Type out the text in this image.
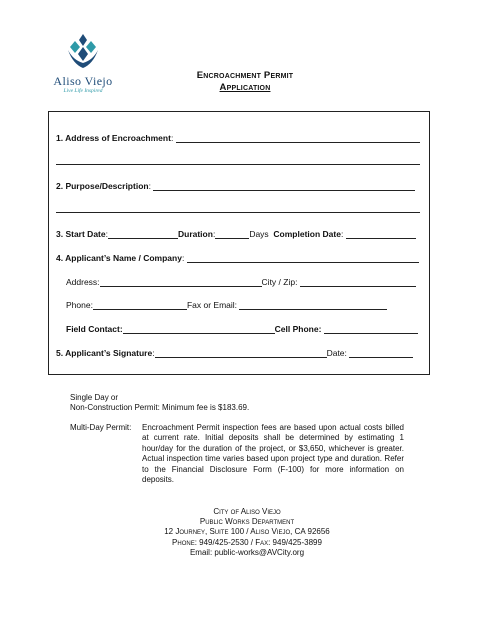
Aliso Viejo
Live Life Inspired
Encroachment Permit
Application
1. Address of Encroachment :
2. Purpose/Description :
3. Start Date :	Duration :	Days
Completion Date :
4. Applicant’s Name / Company :
Address:	City / Zip:

Phone:	Fax or Email:

Field Contact:	Cell Phone:

5. Applicant’s Signature :	Date:

Single Day or
Non-Construction Permit: Minimum fee is $183.69.
Multi-Day Permit: Encroachment Permit inspection fees are based upon actual costs billed at current rate. Initial deposits shall be determined by estimating 1 hour/day for the duration of the project, or $3,650, whichever is greater. Actual inspection time varies based upon project type and duration. Refer to the Financial Disclosure Form (F-100) for more information on deposits.
City of Aliso Viejo
Public Works Department
12 Journey, Suite 100 / Aliso Viejo, CA 92656
Phone: 949/425-2530 / Fax: 949/425-3899
Email: public-works@AVCity.org
